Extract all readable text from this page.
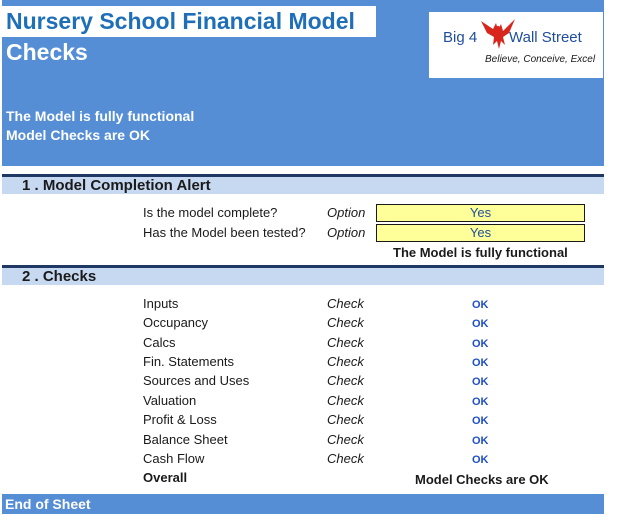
Nursery School Financial Model
Checks
The Model is fully functional
Model Checks are OK
Big 4 Wall Street
Believe, Conceive, Excel
1 . Model Completion Alert
Is the model complete?	Option	Yes
Has the Model been tested? Option	Yes
The Model is fully functional
2 . Checks
Inputs	Check	OK
Occupancy	Check	OK
Calcs	Check	OK
Fin. Statements	Check	OK
Sources and Uses	Check	OK
Valuation	Check	OK
Profit & Loss	Check	OK
Balance Sheet	Check	OK
Cash Flow	Check	OK
Overall	Model Checks are OK
End of Sheet
